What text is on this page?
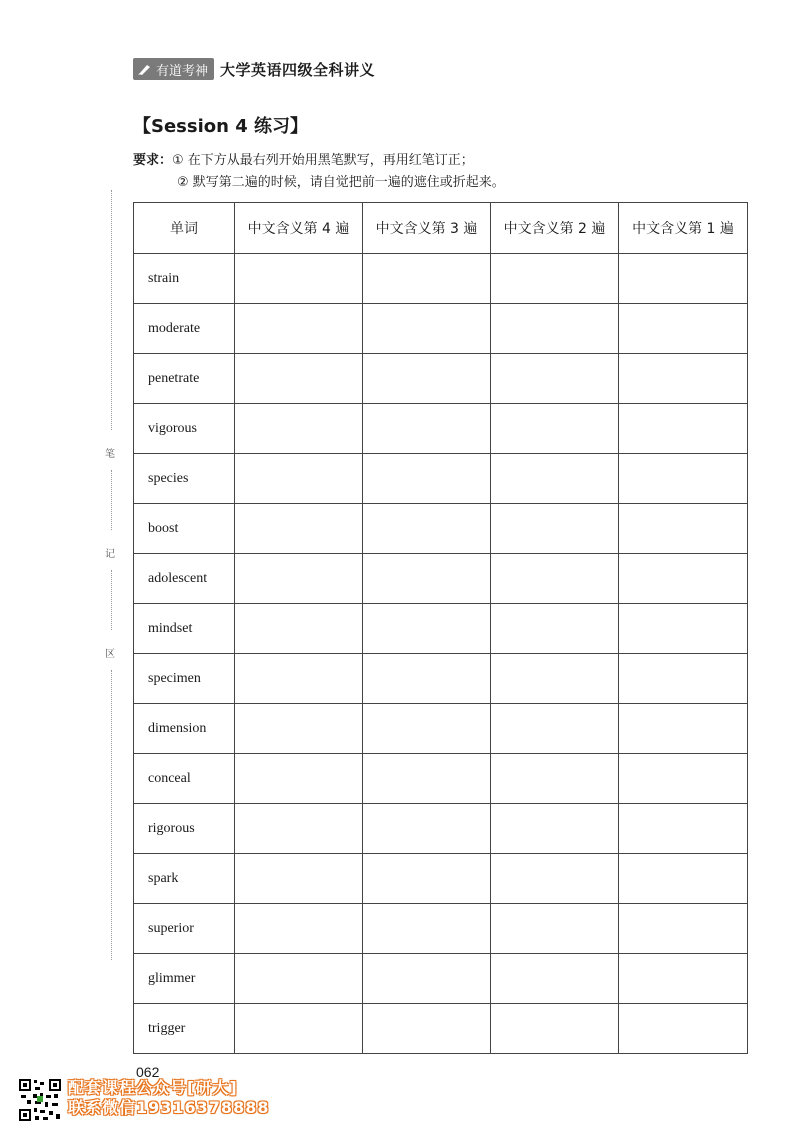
有道考神 大学英语四级全科讲义
【Session 4 练习】
要求：① 在下方从最右列开始用黑笔默写，再用红笔订正；
② 默写第二遍的时候，请自觉把前一遍的遮住或折起来。
笔
记
区
单词	中文含义第 4 遍	中文含义第 3 遍	中文含义第 2 遍	中文含义第 1 遍
strain				
moderate				
penetrate				
vigorous				
species				
boost				
adolescent				
mindset				
specimen				
dimension				
conceal				
rigorous				
spark				
superior				
glimmer				
trigger				
062
配套课程公众号[研大]
联系微信19316378888
